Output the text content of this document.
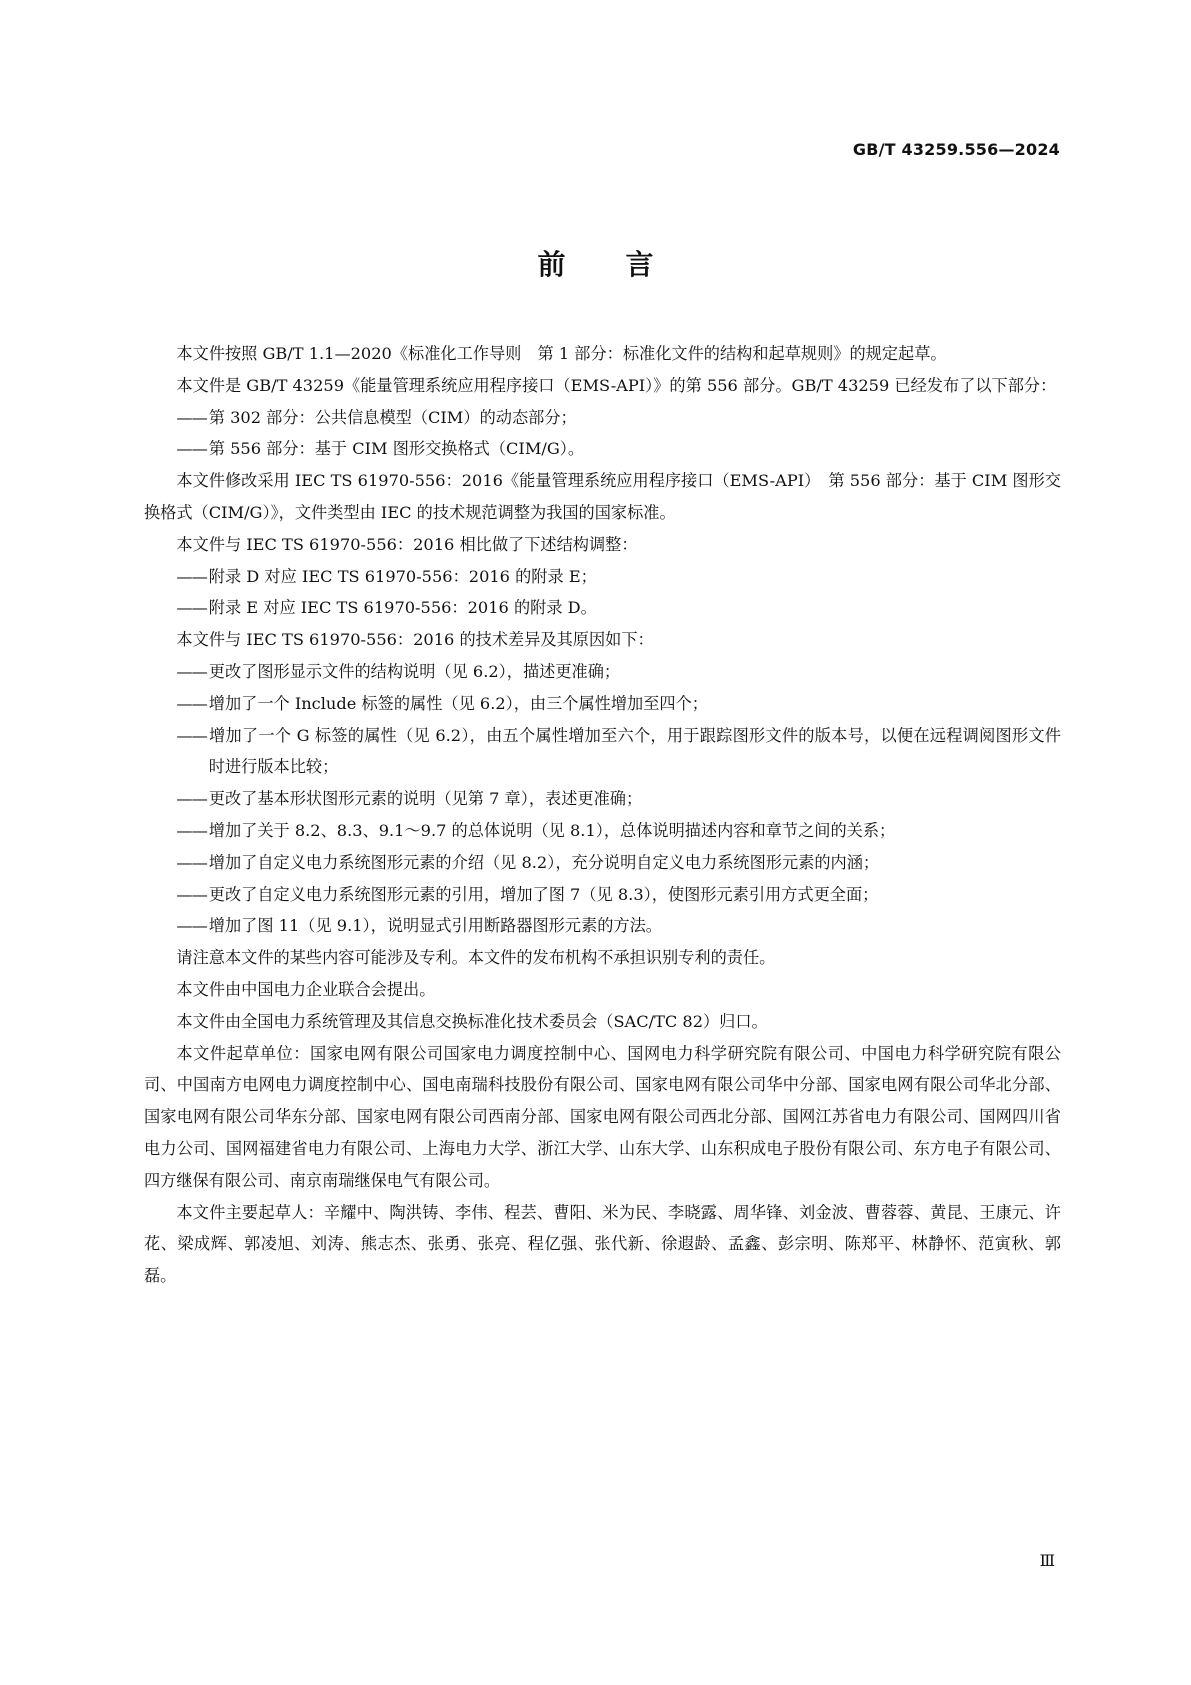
GB/T 43259.556—2024
前言

本文件按照 GB/T 1.1—2020《标准化工作导则　第 1 部分：标准化文件的结构和起草规则》的规定起草。

本文件是 GB/T 43259《能量管理系统应用程序接口（EMS-API）》的第 556 部分。GB/T 43259 已经发布了以下部分：

—— 第 302 部分：公共信息模型（CIM）的动态部分；

—— 第 556 部分：基于 CIM 图形交换格式（CIM/G）。

本文件修改采用 IEC TS 61970-556：2016《能量管理系统应用程序接口（EMS-API）　第 556 部分：基于 CIM 图形交换格式（CIM/G）》，文件类型由 IEC 的技术规范调整为我国的国家标准。

本文件与 IEC TS 61970-556：2016 相比做了下述结构调整：

—— 附录 D 对应 IEC TS 61970-556：2016 的附录 E；

—— 附录 E 对应 IEC TS 61970-556：2016 的附录 D。

本文件与 IEC TS 61970-556：2016 的技术差异及其原因如下：

—— 更改了图形显示文件的结构说明（见 6.2），描述更准确；

—— 增加了一个 Include 标签的属性（见 6.2），由三个属性增加至四个；

—— 增加了一个 G 标签的属性（见 6.2），由五个属性增加至六个，用于跟踪图形文件的版本号，以便在远程调阅图形文件时进行版本比较；

—— 更改了基本形状图形元素的说明（见第 7 章），表述更准确；

—— 增加了关于 8.2、8.3、9.1～9.7 的总体说明（见 8.1），总体说明描述内容和章节之间的关系；

—— 增加了自定义电力系统图形元素的介绍（见 8.2），充分说明自定义电力系统图形元素的内涵；

—— 更改了自定义电力系统图形元素的引用，增加了图 7（见 8.3），使图形元素引用方式更全面；

—— 增加了图 11（见 9.1），说明显式引用断路器图形元素的方法。

请注意本文件的某些内容可能涉及专利。本文件的发布机构不承担识别专利的责任。

本文件由中国电力企业联合会提出。

本文件由全国电力系统管理及其信息交换标准化技术委员会（SAC/TC 82）归口。

本文件起草单位：国家电网有限公司国家电力调度控制中心、国网电力科学研究院有限公司、中国电力科学研究院有限公司、中国南方电网电力调度控制中心、国电南瑞科技股份有限公司、国家电网有限公司华中分部、国家电网有限公司华北分部、国家电网有限公司华东分部、国家电网有限公司西南分部、国家电网有限公司西北分部、国网江苏省电力有限公司、国网四川省电力公司、国网福建省电力有限公司、上海电力大学、浙江大学、山东大学、山东积成电子股份有限公司、东方电子有限公司、四方继保有限公司、南京南瑞继保电气有限公司。

本文件主要起草人：辛耀中、陶洪铸、李伟、程芸、曹阳、米为民、李晓露、周华锋、刘金波、曹蓉蓉、黄昆、王康元、许花、梁成辉、郭凌旭、刘涛、熊志杰、张勇、张亮、程亿强、张代新、徐遐龄、孟鑫、彭宗明、陈郑平、林静怀、范寅秋、郭磊。

Ⅲ
